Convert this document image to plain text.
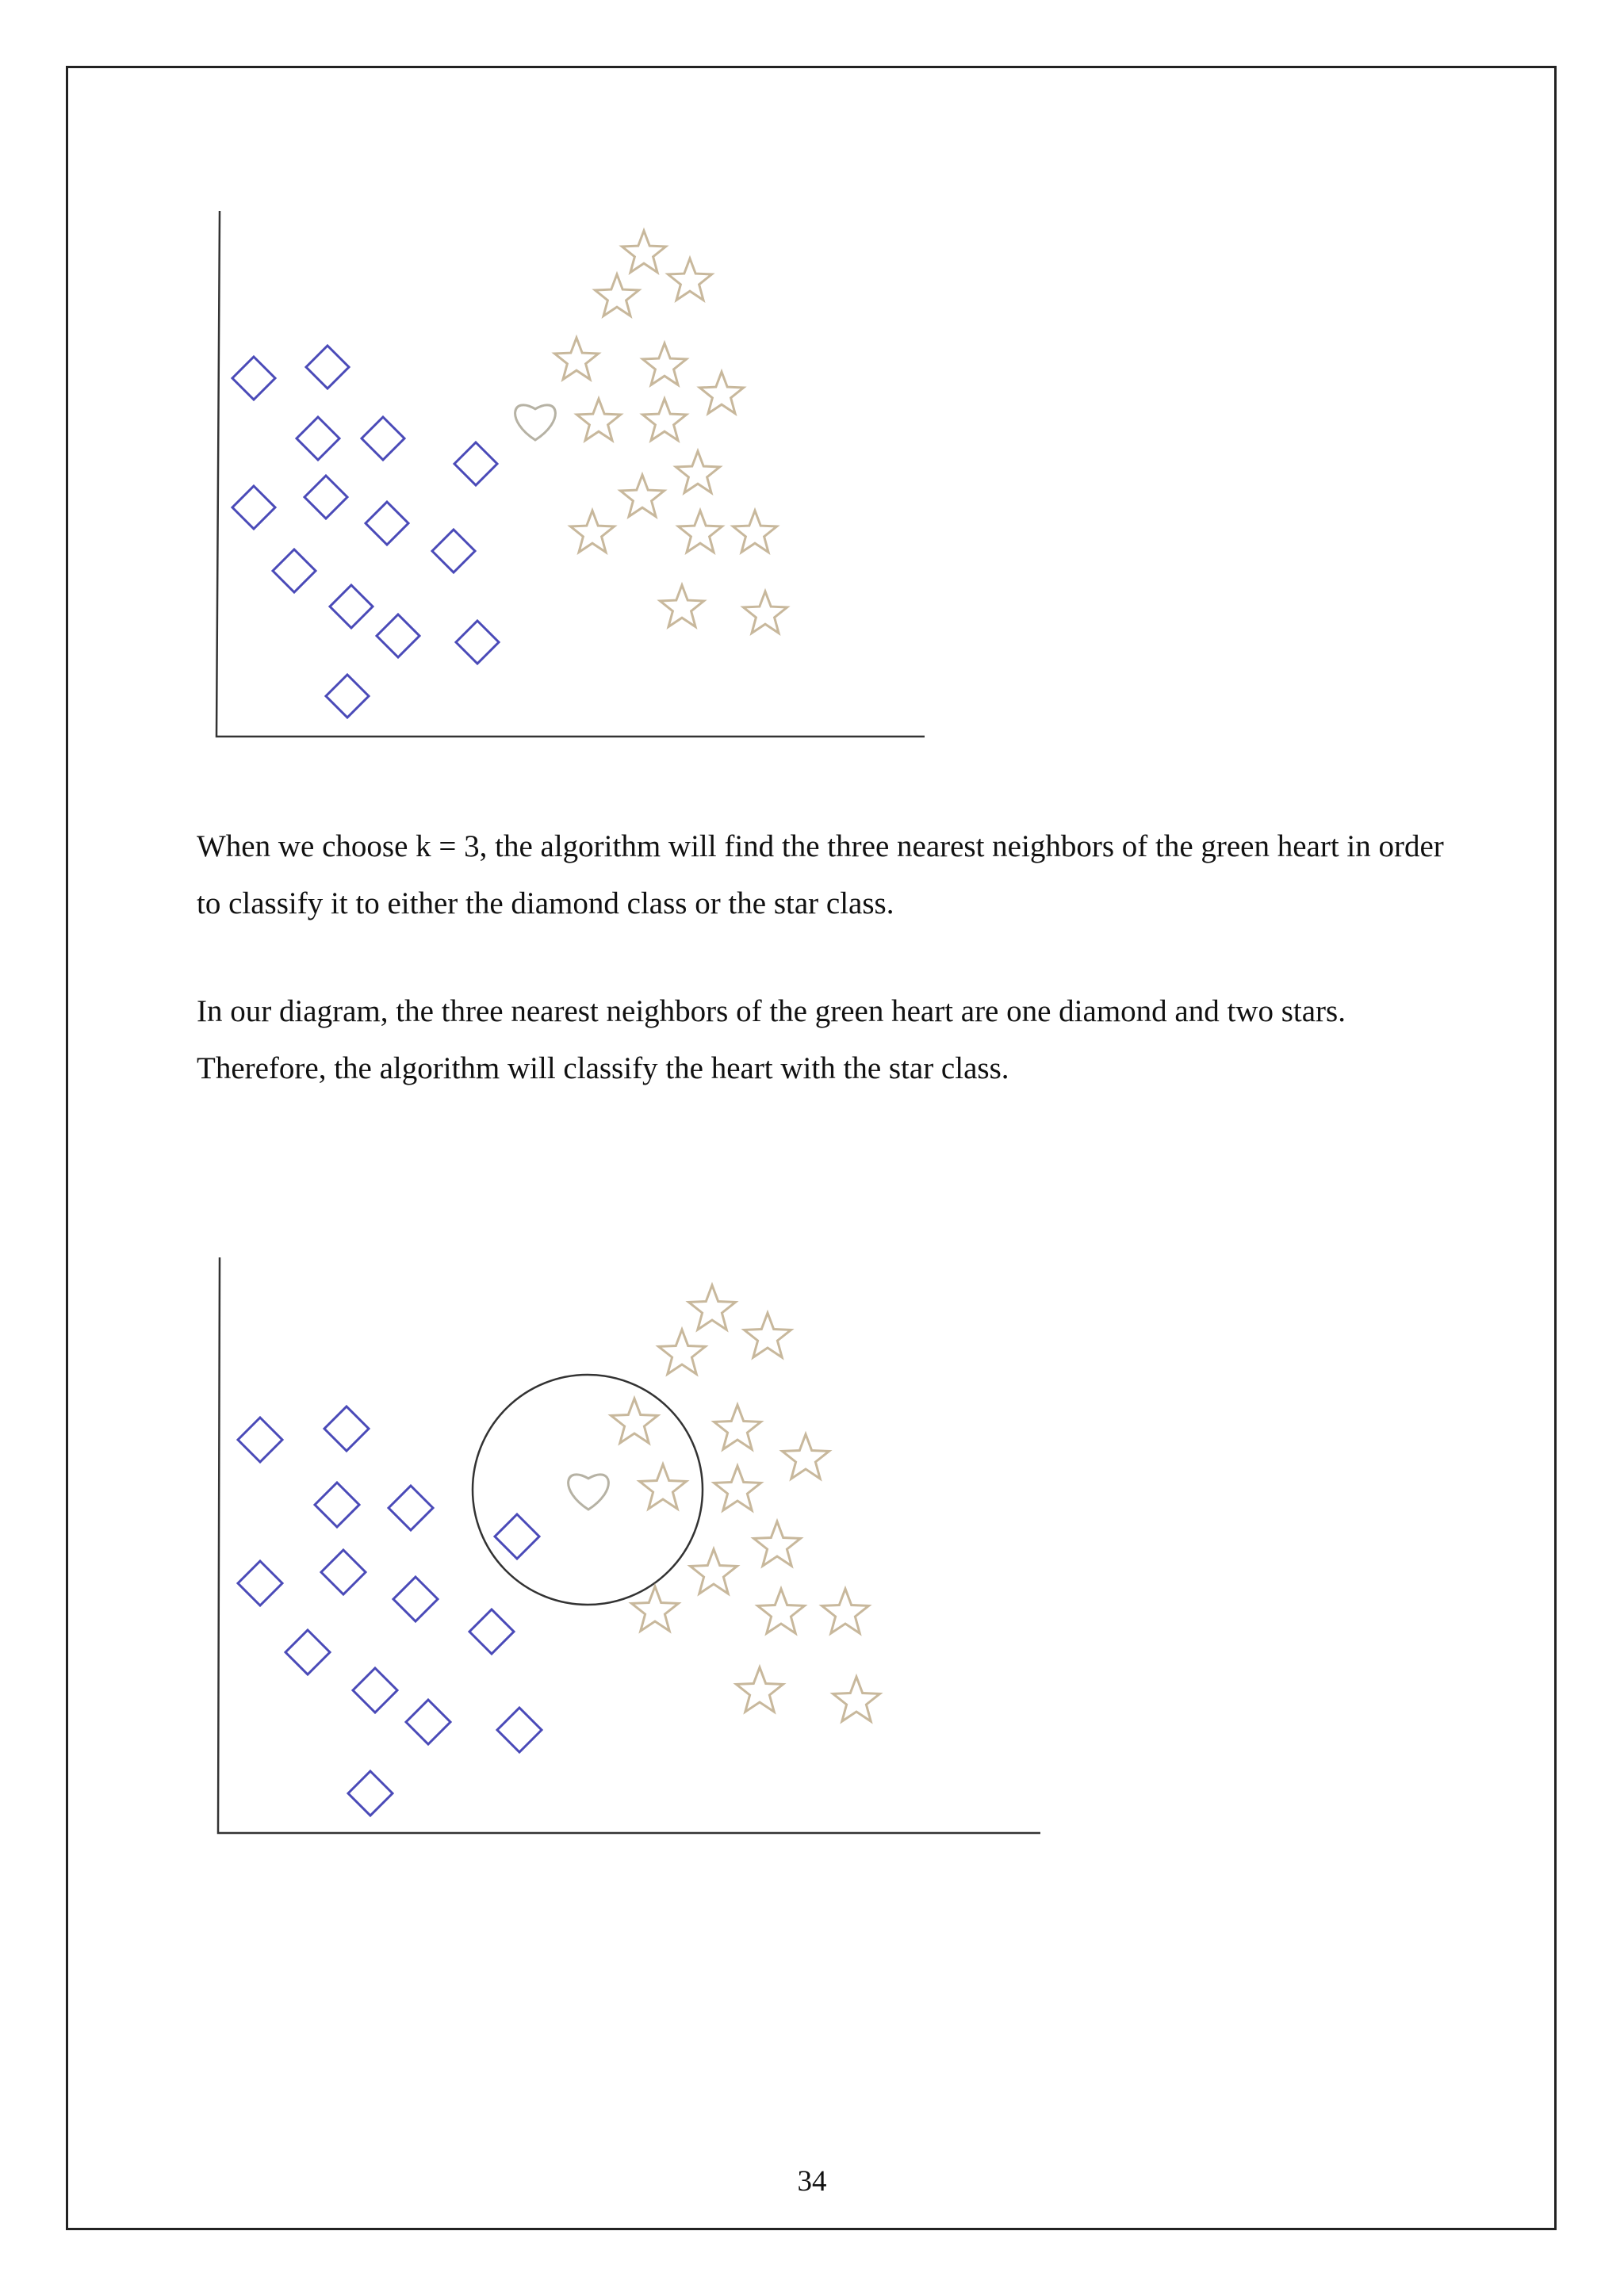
When we choose k = 3, the algorithm will find the three nearest neighbors of the green heart in order to classify it to either the diamond class or the star class.

In our diagram, the three nearest neighbors of the green heart are one diamond and two stars. Therefore, the algorithm will classify the heart with the star class.

34
